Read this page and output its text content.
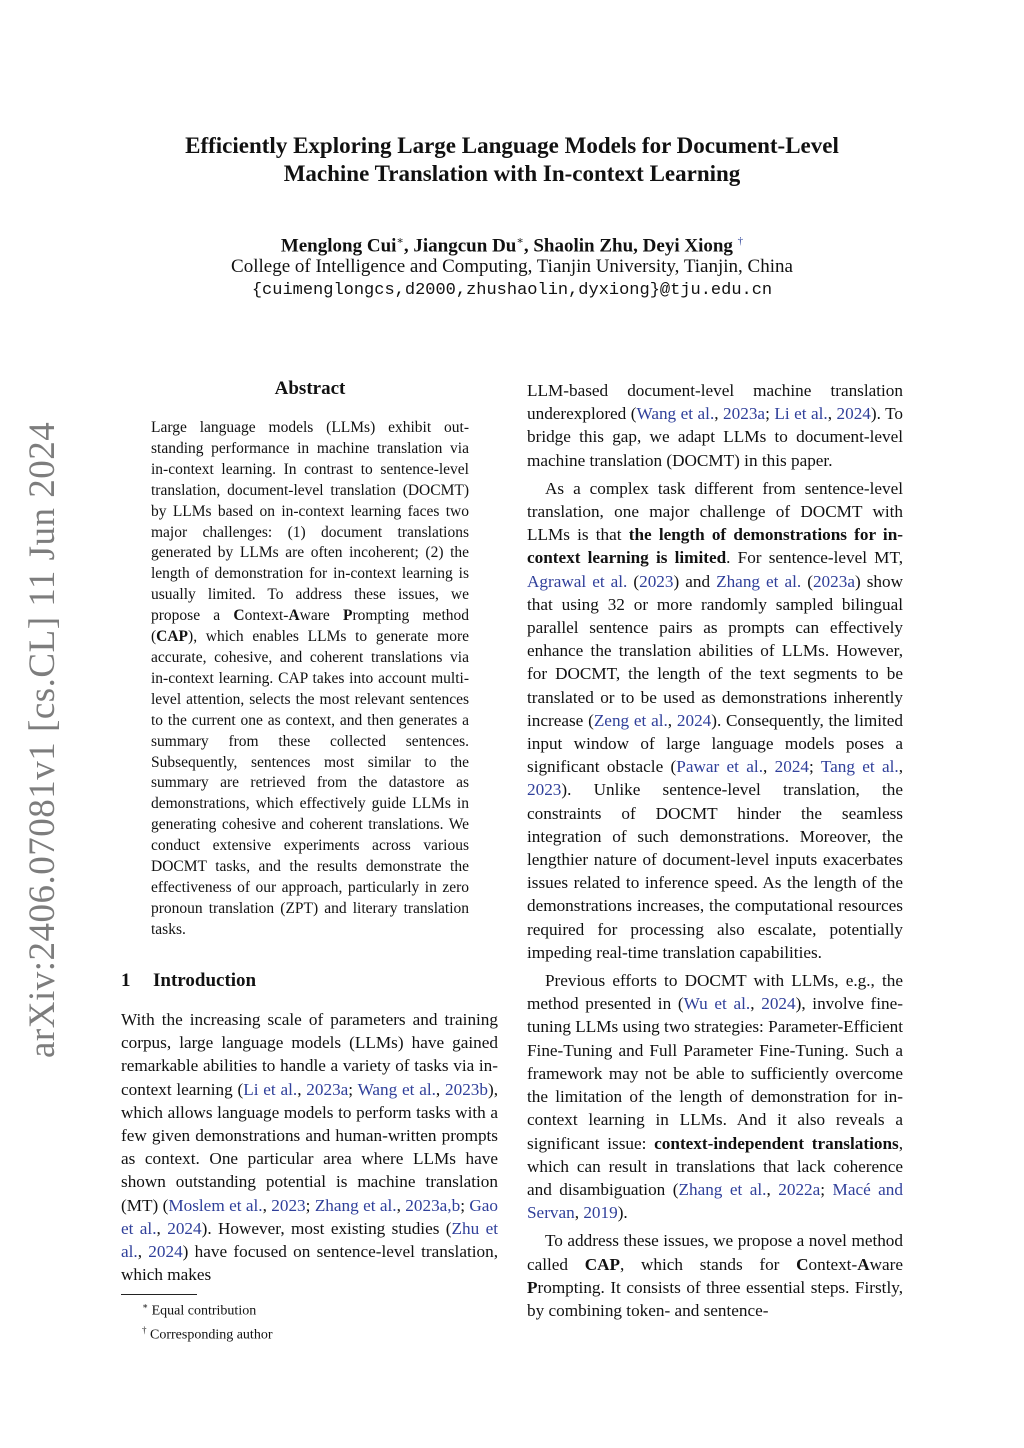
arXiv:2406.07081v1 [cs.CL] 11 Jun 2024
Efficiently Exploring Large Language Models for Document-Level
Machine Translation with In-context Learning
Menglong Cui∗, Jiangcun Du∗, Shaolin Zhu, Deyi Xiong †
College of Intelligence and Computing, Tianjin University, Tianjin, China
{cuimenglongcs,d2000,zhushaolin,dyxiong}@tju.edu.cn
Abstract
Large language models (LLMs) exhibit outstanding performance in machine translation via in-context learning. In contrast to sentence-level translation, document-level translation (DOCMT) by LLMs based on in-context learning faces two major challenges: (1) document translations generated by LLMs are often incoherent; (2) the length of demonstration for in-context learning is usually limited. To address these issues, we propose a Context-Aware Prompting method (CAP), which enables LLMs to generate more accurate, cohesive, and coherent translations via in-context learning. CAP takes into account multi-level attention, selects the most relevant sentences to the current one as context, and then generates a summary from these collected sentences. Subsequently, sentences most similar to the summary are retrieved from the datastore as demonstrations, which effectively guide LLMs in generating cohesive and coherent translations. We conduct extensive experiments across various DOCMT tasks, and the results demonstrate the effectiveness of our approach, particularly in zero pronoun translation (ZPT) and literary translation tasks.
1 Introduction

With the increasing scale of parameters and training corpus, large language models (LLMs) have gained remarkable abilities to handle a variety of tasks via in-context learning (Li et al., 2023a; Wang et al., 2023b), which allows language models to perform tasks with a few given demonstrations and human-written prompts as context. One particular area where LLMs have shown outstanding potential is machine translation (MT) (Moslem et al., 2023; Zhang et al., 2023a,b; Gao et al., 2024). However, most existing studies (Zhu et al., 2024) have focused on sentence-level translation, which makes

LLM-based document-level machine translation underexplored (Wang et al., 2023a; Li et al., 2024). To bridge this gap, we adapt LLMs to document-level machine translation (DOCMT) in this paper.

As a complex task different from sentence-level translation, one major challenge of DOCMT with LLMs is that the length of demonstrations for in-context learning is limited. For sentence-level MT, Agrawal et al. (2023) and Zhang et al. (2023a) show that using 32 or more randomly sampled bilingual parallel sentence pairs as prompts can effectively enhance the translation abilities of LLMs. However, for DOCMT, the length of the text segments to be translated or to be used as demonstrations inherently increase (Zeng et al., 2024). Consequently, the limited input window of large language models poses a significant obstacle (Pawar et al., 2024; Tang et al., 2023). Unlike sentence-level translation, the constraints of DOCMT hinder the seamless integration of such demonstrations. Moreover, the lengthier nature of document-level inputs exacerbates issues related to inference speed. As the length of the demonstrations increases, the computational resources required for processing also escalate, potentially impeding real-time translation capabilities.

Previous efforts to DOCMT with LLMs, e.g., the method presented in (Wu et al., 2024), involve fine-tuning LLMs using two strategies: Parameter-Efficient Fine-Tuning and Full Parameter Fine-Tuning. Such a framework may not be able to sufficiently overcome the limitation of the length of demonstration for in-context learning in LLMs. And it also reveals a significant issue: context-independent translations, which can result in translations that lack coherence and disambiguation (Zhang et al., 2022a; Macé and Servan, 2019).

To address these issues, we propose a novel method called CAP, which stands for Context-Aware Prompting. It consists of three essential steps. Firstly, by combining token- and sentence-

∗ Equal contribution
† Corresponding author
